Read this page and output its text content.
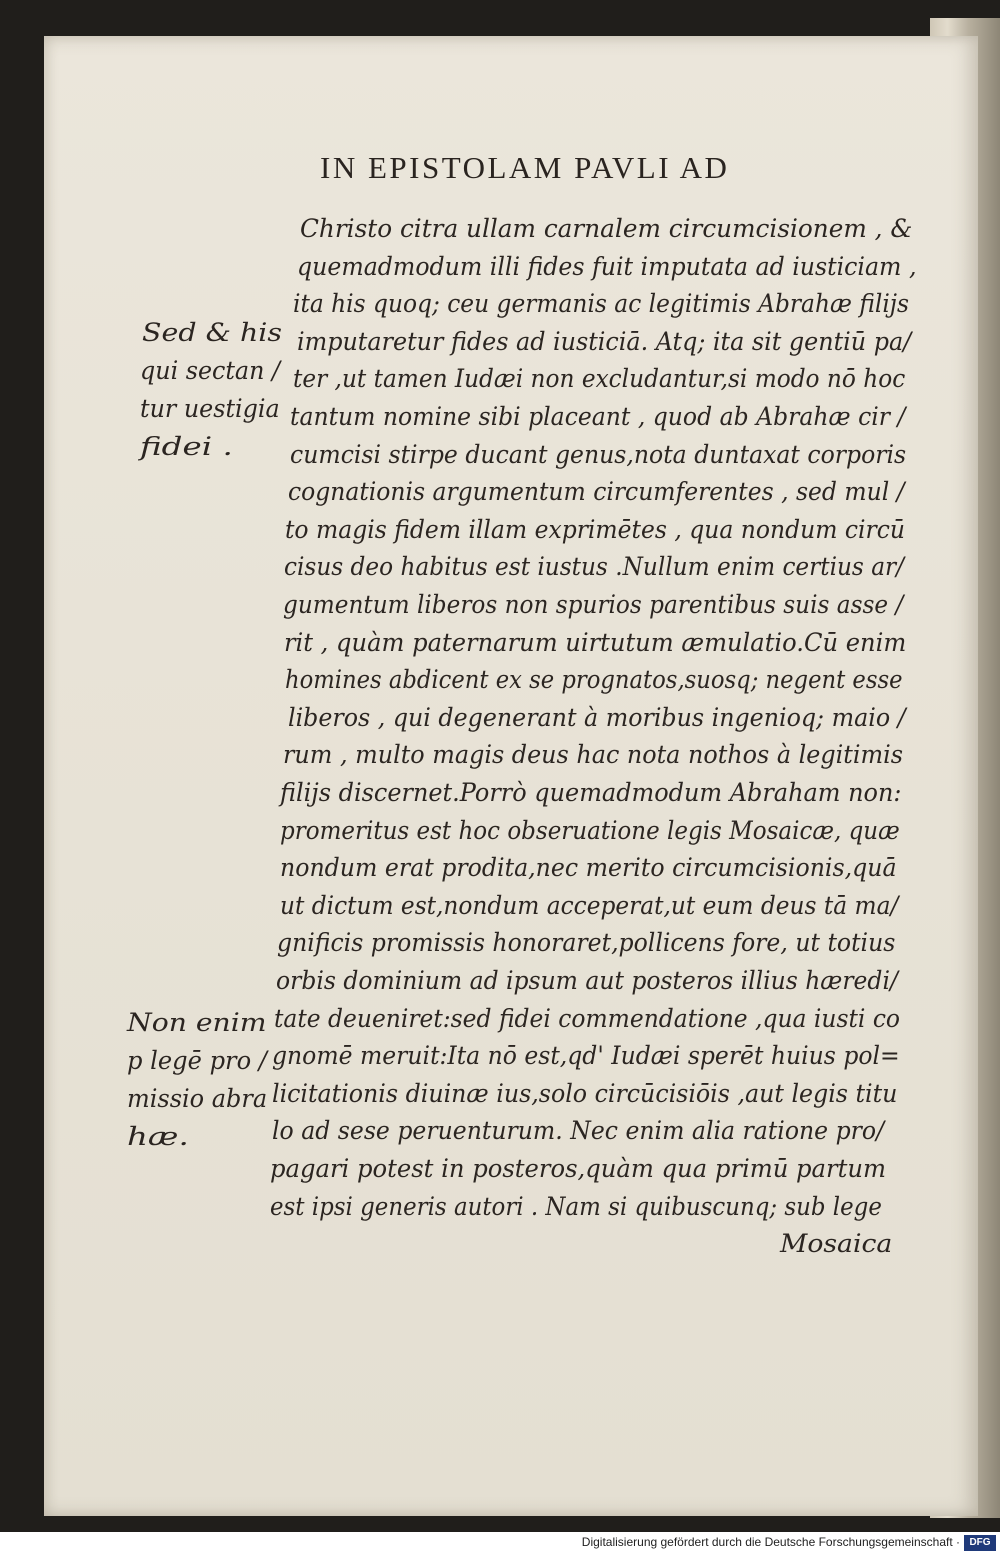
IN EPISTOLAM PAVLI AD
Christo citra ullam carnalem circumcisionem , &
quemadmodum illi fides fuit imputata ad iusticiam ,
ita his quoq; ceu germanis ac legitimis Abrahæ filijs
imputaretur fides ad iusticiā. Atq; ita sit gentiū pa/
ter ,ut tamen Iudæi non excludantur,si modo nō hoc
tantum nomine sibi placeant , quod ab Abrahæ cir /
cumcisi stirpe ducant genus,nota duntaxat corporis
cognationis argumentum circumferentes , sed mul /
to magis fidem illam exprimētes , qua nondum circū
cisus deo habitus est iustus .Nullum enim certius ar/
gumentum liberos non spurios parentibus suis asse /
rit , quàm paternarum uirtutum æmulatio.Cū enim
homines abdicent ex se prognatos,suosq; negent esse
liberos , qui degenerant à moribus ingenioq; maio /
rum , multo magis deus hac nota nothos à legitimis
filijs discernet.Porrò quemadmodum Abraham non:
promeritus est hoc obseruatione legis Mosaicæ, quæ
nondum erat prodita,nec merito circumcisionis,quā
ut dictum est,nondum acceperat,ut eum deus tā ma/
gnificis promissis honoraret,pollicens fore, ut totius
orbis dominium ad ipsum aut posteros illius hæredi/
tate deueniret:sed fidei commendatione ,qua iusti co
gnomē meruit:Ita nō est,qd' Iudæi sperēt huius pol=
licitationis diuinæ ius,solo circūcisiōis ,aut legis titu
lo ad sese peruenturum. Nec enim alia ratione pro/
pagari potest in posteros,quàm qua primū partum
est ipsi generis autori . Nam si quibuscunq; sub lege
Mosaica
Sed & his
qui sectan /
tur uestigia
fidei .
Non enim
p legē pro /
missio abra
hæ.
Digitalisierung gefördert durch die Deutsche Forschungsgemeinschaft · DFG
